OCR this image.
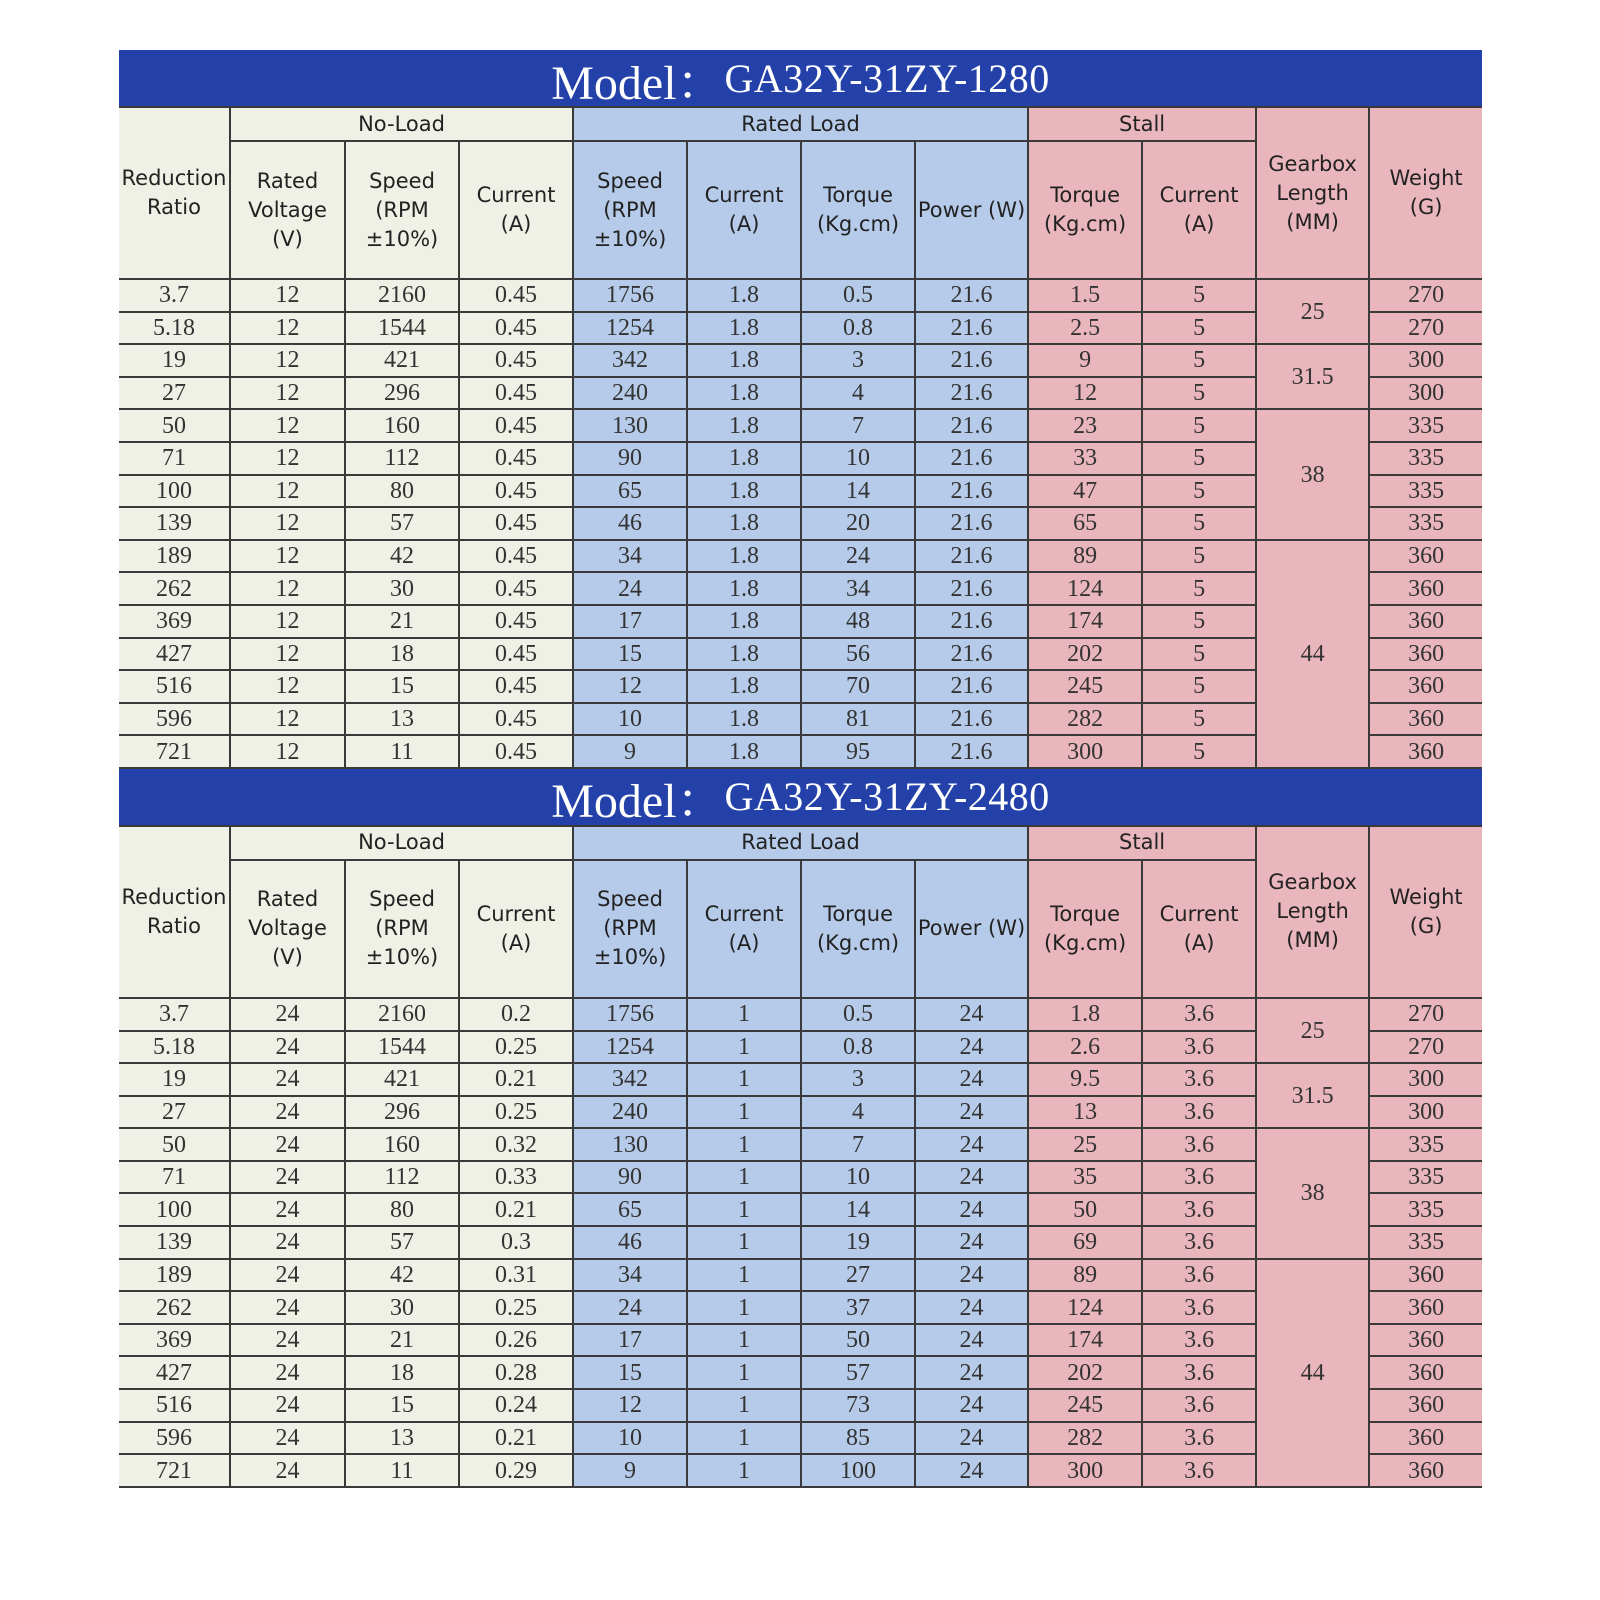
Model： GA32Y-31ZY-1280
Reduction Ratio	No-Load			Rated Load				Stall		Gearbox Length (MM)	Weight (G)
	Rated Voltage (V)	Speed (RPM ±10%)	Current (A)	Speed (RPM ±10%)	Current (A)	Torque (Kg.cm)	Power (W)	Torque (Kg.cm)	Current (A)		
3.7	12	2160	0.45	1756	1.8	0.5	21.6	1.5	5	25	270
5.18	12	1544	0.45	1254	1.8	0.8	21.6	2.5	5		270
19	12	421	0.45	342	1.8	3	21.6	9	5	31.5	300
27	12	296	0.45	240	1.8	4	21.6	12	5		300
50	12	160	0.45	130	1.8	7	21.6	23	5	38	335
71	12	112	0.45	90	1.8	10	21.6	33	5		335
100	12	80	0.45	65	1.8	14	21.6	47	5		335
139	12	57	0.45	46	1.8	20	21.6	65	5		335
189	12	42	0.45	34	1.8	24	21.6	89	5	44	360
262	12	30	0.45	24	1.8	34	21.6	124	5		360
369	12	21	0.45	17	1.8	48	21.6	174	5		360
427	12	18	0.45	15	1.8	56	21.6	202	5		360
516	12	15	0.45	12	1.8	70	21.6	245	5		360
596	12	13	0.45	10	1.8	81	21.6	282	5		360
721	12	11	0.45	9	1.8	95	21.6	300	5		360
Model： GA32Y-31ZY-2480
Reduction Ratio	No-Load			Rated Load				Stall		Gearbox Length (MM)	Weight (G)
	Rated Voltage (V)	Speed (RPM ±10%)	Current (A)	Speed (RPM ±10%)	Current (A)	Torque (Kg.cm)	Power (W)	Torque (Kg.cm)	Current (A)		
3.7	24	2160	0.2	1756	1	0.5	24	1.8	3.6	25	270
5.18	24	1544	0.25	1254	1	0.8	24	2.6	3.6		270
19	24	421	0.21	342	1	3	24	9.5	3.6	31.5	300
27	24	296	0.25	240	1	4	24	13	3.6		300
50	24	160	0.32	130	1	7	24	25	3.6	38	335
71	24	112	0.33	90	1	10	24	35	3.6		335
100	24	80	0.21	65	1	14	24	50	3.6		335
139	24	57	0.3	46	1	19	24	69	3.6		335
189	24	42	0.31	34	1	27	24	89	3.6	44	360
262	24	30	0.25	24	1	37	24	124	3.6		360
369	24	21	0.26	17	1	50	24	174	3.6		360
427	24	18	0.28	15	1	57	24	202	3.6		360
516	24	15	0.24	12	1	73	24	245	3.6		360
596	24	13	0.21	10	1	85	24	282	3.6		360
721	24	11	0.29	9	1	100	24	300	3.6		360
